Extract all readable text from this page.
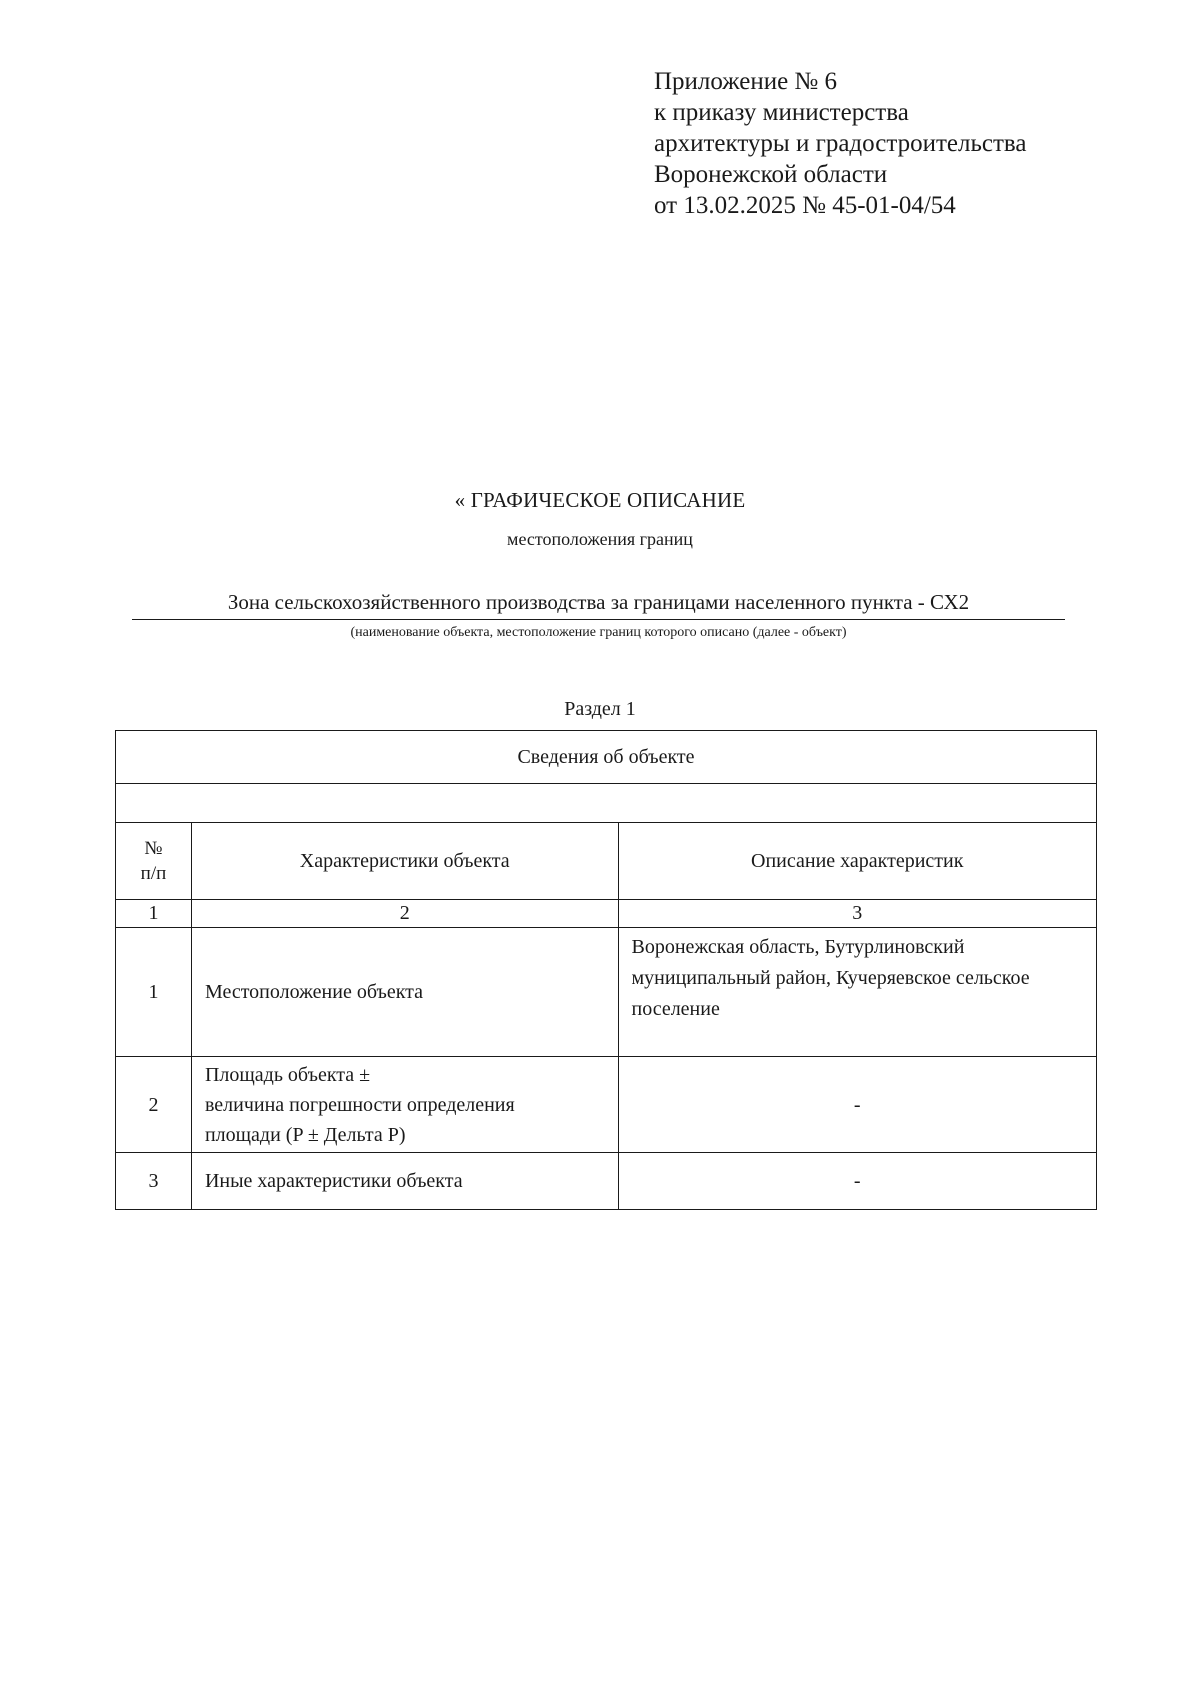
Приложение № 6
к приказу министерства
архитектуры и градостроительства
Воронежской области
от 13.02.2025 № 45-01-04/54
« ГРАФИЧЕСКОЕ ОПИСАНИЕ
местоположения границ
Зона сельскохозяйственного производства за границами населенного пункта - СХ2
(наименование объекта, местоположение границ которого описано (далее - объект)
Раздел 1
Сведения об объекте		

№
п/п	Характеристики объекта	Описание характеристик
1	2	3
1	Местоположение объекта	Воронежская область, Бутурлиновский муниципальный район, Кучеряевское сельское поселение
2	Площадь объекта ±
величина погрешности определения
площади (P ± Дельта P)	-
3	Иные характеристики объекта	-
